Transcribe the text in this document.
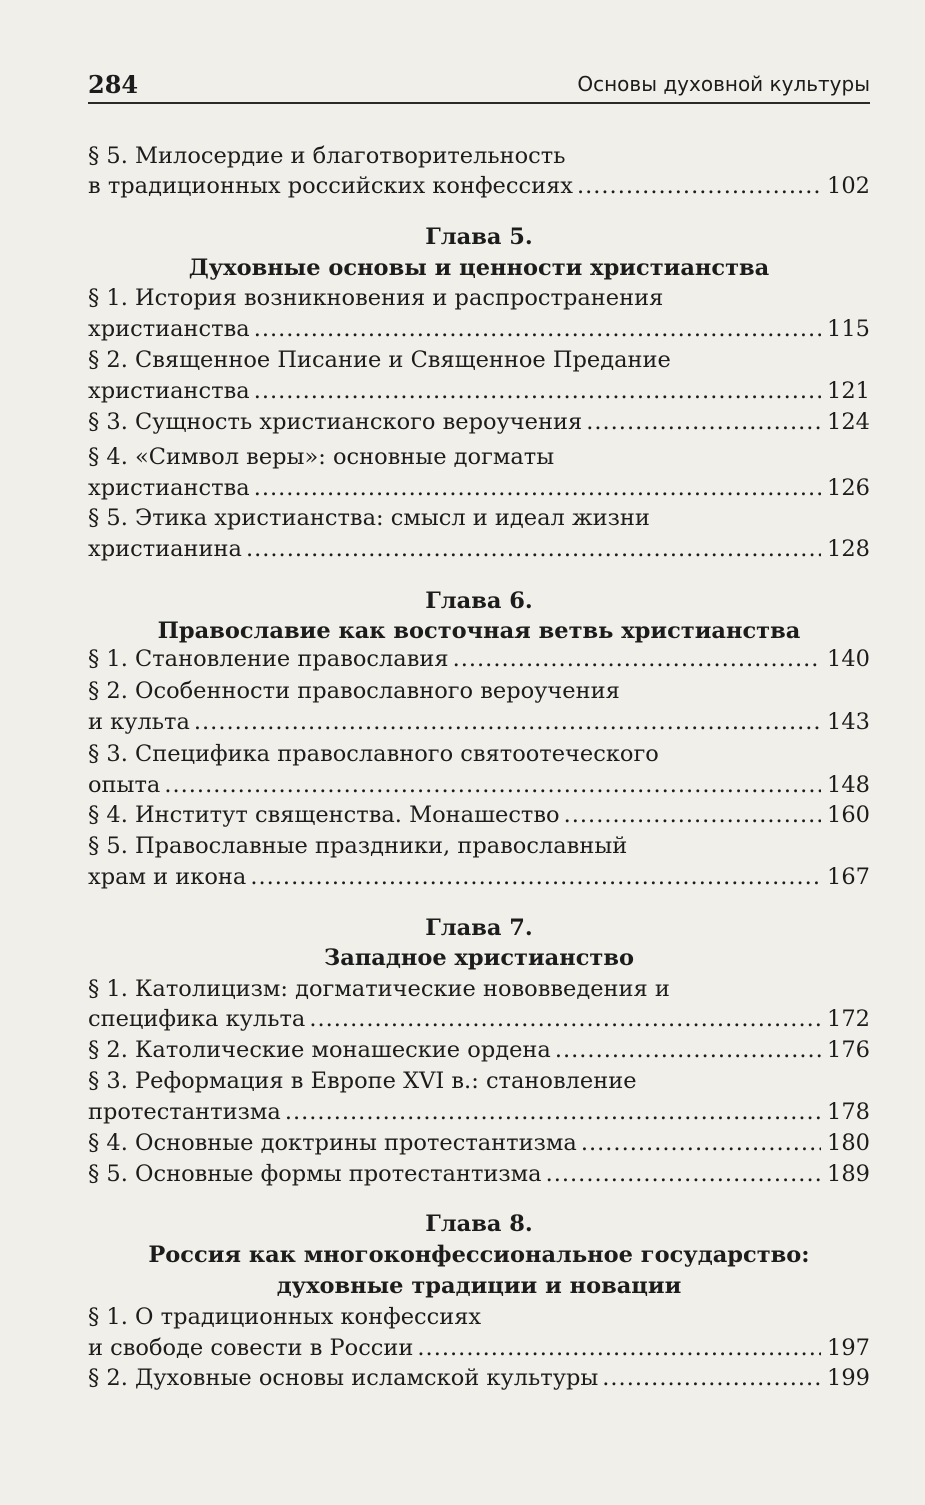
284	Основы духовной культуры
§ 5. Милосердие и благотворительность
в традиционных российских конфессиях .....	102
Глава 5.
Духовные основы и ценности христианства
§ 1. История возникновения и распространения
христианства .....	115
§ 2. Священное Писание и Священное Предание
христианства .....	121
§ 3. Сущность христианского вероучения .....	124
§ 4. «Символ веры»: основные догматы
христианства .....	126
§ 5. Этика христианства: смысл и идеал жизни
христианина .....	128
Глава 6.
Православие как восточная ветвь христианства
§ 1. Становление православия .....	140
§ 2. Особенности православного вероучения
и культа .....	143
§ 3. Специфика православного святоотеческого
опыта .....	148
§ 4. Институт священства. Монашество .....	160
§ 5. Православные праздники, православный
храм и икона .....	167
Глава 7.
Западное христианство
§ 1. Католицизм: догматические нововведения и
специфика культа .....	172
§ 2. Католические монашеские ордена .....	176
§ 3. Реформация в Европе XVI в.: становление
протестантизма .....	178
§ 4. Основные доктрины протестантизма .....	180
§ 5. Основные формы протестантизма .....	189
Глава 8.
Россия как многоконфессиональное государство:
духовные традиции и новации
§ 1. О традиционных конфессиях
и свободе совести в России .....	197
§ 2. Духовные основы исламской культуры .....	199
